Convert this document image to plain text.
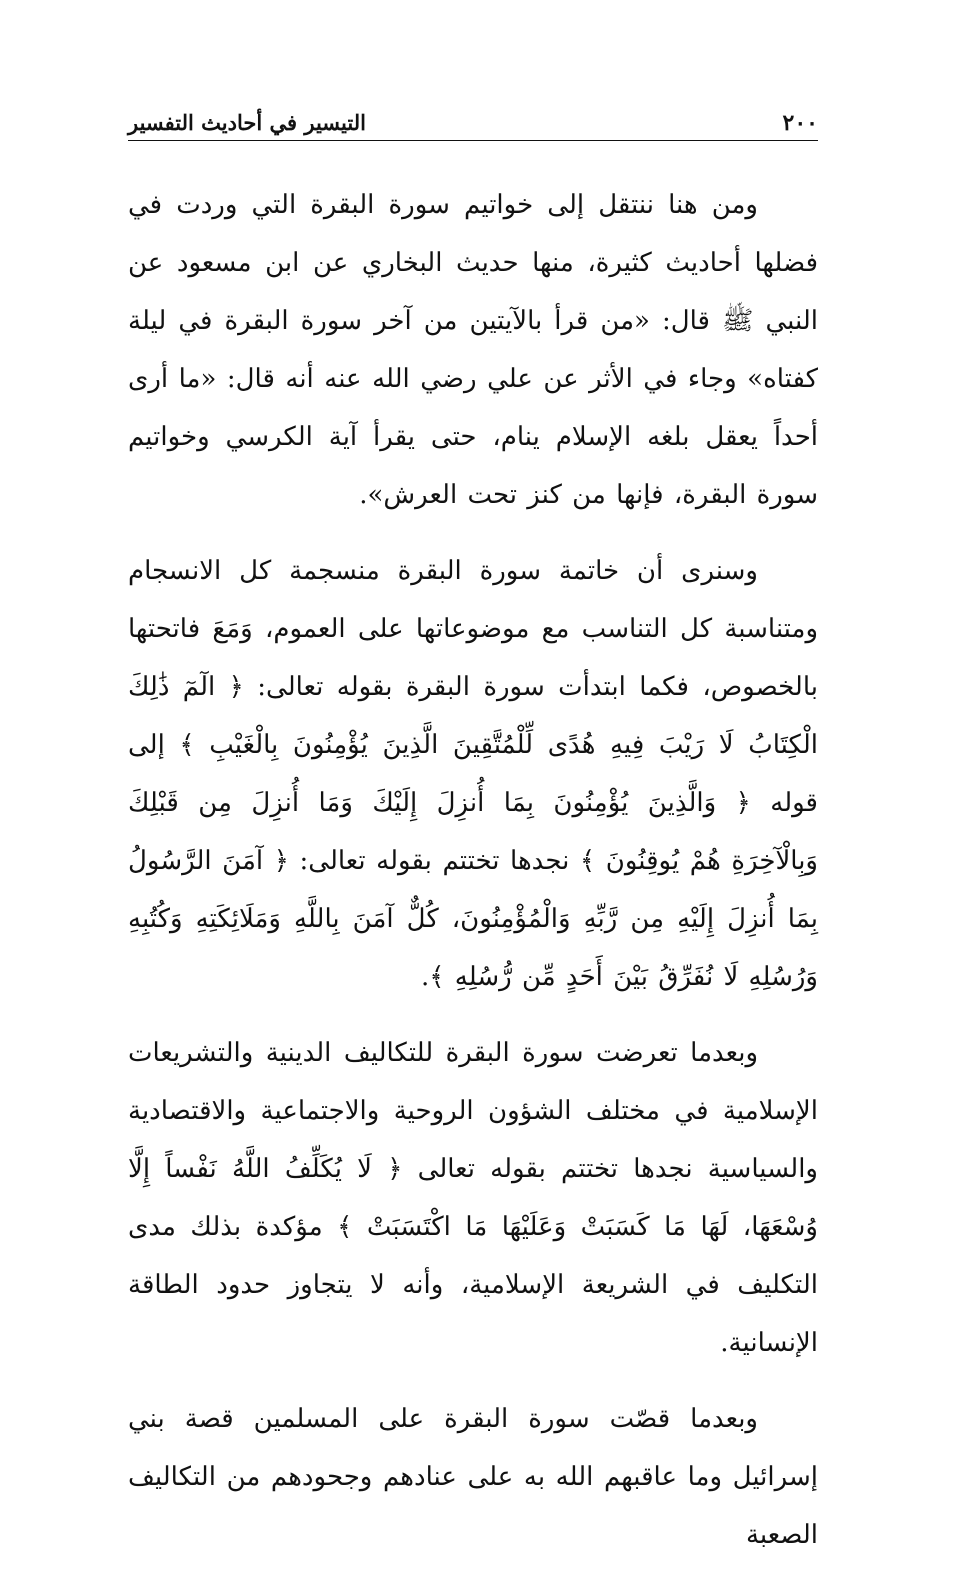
٢٠٠
التيسير في أحاديث التفسير

ومن هنا ننتقل إلى خواتيم سورة البقرة التي وردت في فضلها أحاديث كثيرة، منها حديث البخاري عن ابن مسعود عن النبي ﷺ قال: «من قرأ بالآيتين من آخر سورة البقرة في ليلة كفتاه» وجاء في الأثر عن علي رضي الله عنه أنه قال: «ما أرى أحداً يعقل بلغه الإسلام ينام، حتى يقرأ آية الكرسي وخواتيم سورة البقرة، فإنها من كنز تحت العرش».

وسنرى أن خاتمة سورة البقرة منسجمة كل الانسجام ومتناسبة كل التناسب مع موضوعاتها على العموم، وَمَعَ فاتحتها بالخصوص، فكما ابتدأت سورة البقرة بقوله تعالى: ﴿ الٓمٓ ذَٰلِكَ الْكِتَابُ لَا رَيْبَ فِيهِ هُدًى لِّلْمُتَّقِينَ الَّذِينَ يُؤْمِنُونَ بِالْغَيْبِ ﴾ إلى قوله ﴿ وَالَّذِينَ يُؤْمِنُونَ بِمَا أُنزِلَ إِلَيْكَ وَمَا أُنزِلَ مِن قَبْلِكَ وَبِالْآخِرَةِ هُمْ يُوقِنُونَ ﴾ نجدها تختتم بقوله تعالى: ﴿ آمَنَ الرَّسُولُ بِمَا أُنزِلَ إِلَيْهِ مِن رَّبِّهِ وَالْمُؤْمِنُونَ، كُلٌّ آمَنَ بِاللَّهِ وَمَلَائِكَتِهِ وَكُتُبِهِ وَرُسُلِهِ لَا نُفَرِّقُ بَيْنَ أَحَدٍ مِّن رُّسُلِهِ ﴾.

وبعدما تعرضت سورة البقرة للتكاليف الدينية والتشريعات الإسلامية في مختلف الشؤون الروحية والاجتماعية والاقتصادية والسياسية نجدها تختتم بقوله تعالى ﴿ لَا يُكَلِّفُ اللَّهُ نَفْساً إِلَّا وُسْعَهَا، لَهَا مَا كَسَبَتْ وَعَلَيْهَا مَا اكْتَسَبَتْ ﴾ مؤكدة بذلك مدى التكليف في الشريعة الإسلامية، وأنه لا يتجاوز حدود الطاقة الإنسانية.

وبعدما قصّت سورة البقرة على المسلمين قصة بني إسرائيل وما عاقبهم الله به على عنادهم وجحودهم من التكاليف الصعبة
